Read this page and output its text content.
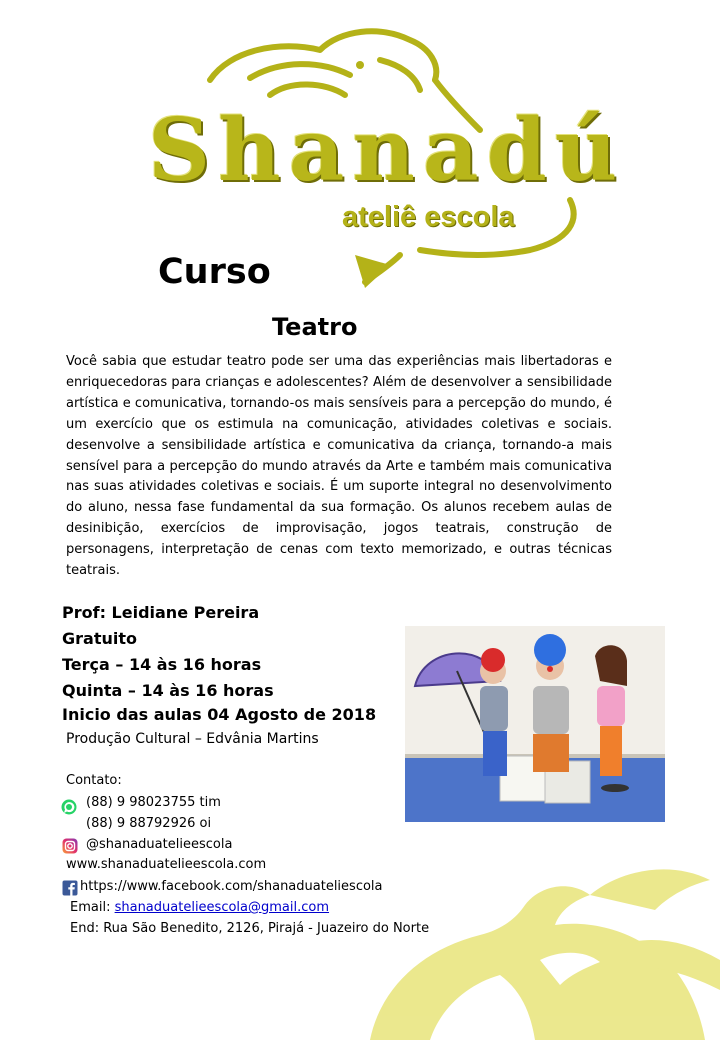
Shanadú
ateliê escola
Curso
Teatro
Você sabia que estudar teatro pode ser uma das experiências mais libertadoras e enriquecedoras para crianças e adolescentes? Além de desenvolver a sensibilidade artística e comunicativa, tornando-os mais sensíveis para a percepção do mundo, é um exercício que os estimula na comunicação, atividades coletivas e sociais. desenvolve a sensibilidade artística e comunicativa da criança, tornando-a mais sensível para a percepção do mundo através da Arte e também mais comunicativa nas suas atividades coletivas e sociais. É um suporte integral no desenvolvimento do aluno, nessa fase fundamental da sua formação. Os alunos recebem aulas de desinibição, exercícios de improvisação, jogos teatrais, construção de personagens, interpretação de cenas com texto memorizado, e outras técnicas teatrais.
Prof: Leidiane Pereira
Gratuito
Terça – 14 às 16 horas
Quinta – 14 às 16 horas
Inicio das aulas 04 Agosto de 2018
Produção Cultural – Edvânia Martins
Contato:
(88) 9 98023755 tim
(88) 9 88792926 oi
@shanaduatelieescola
www.shanaduatelieescola.com
https://www.facebook.com/shanaduateliescola
Email: shanaduatelieescola@gmail.com
End: Rua São Benedito, 2126, Pirajá - Juazeiro do Norte
